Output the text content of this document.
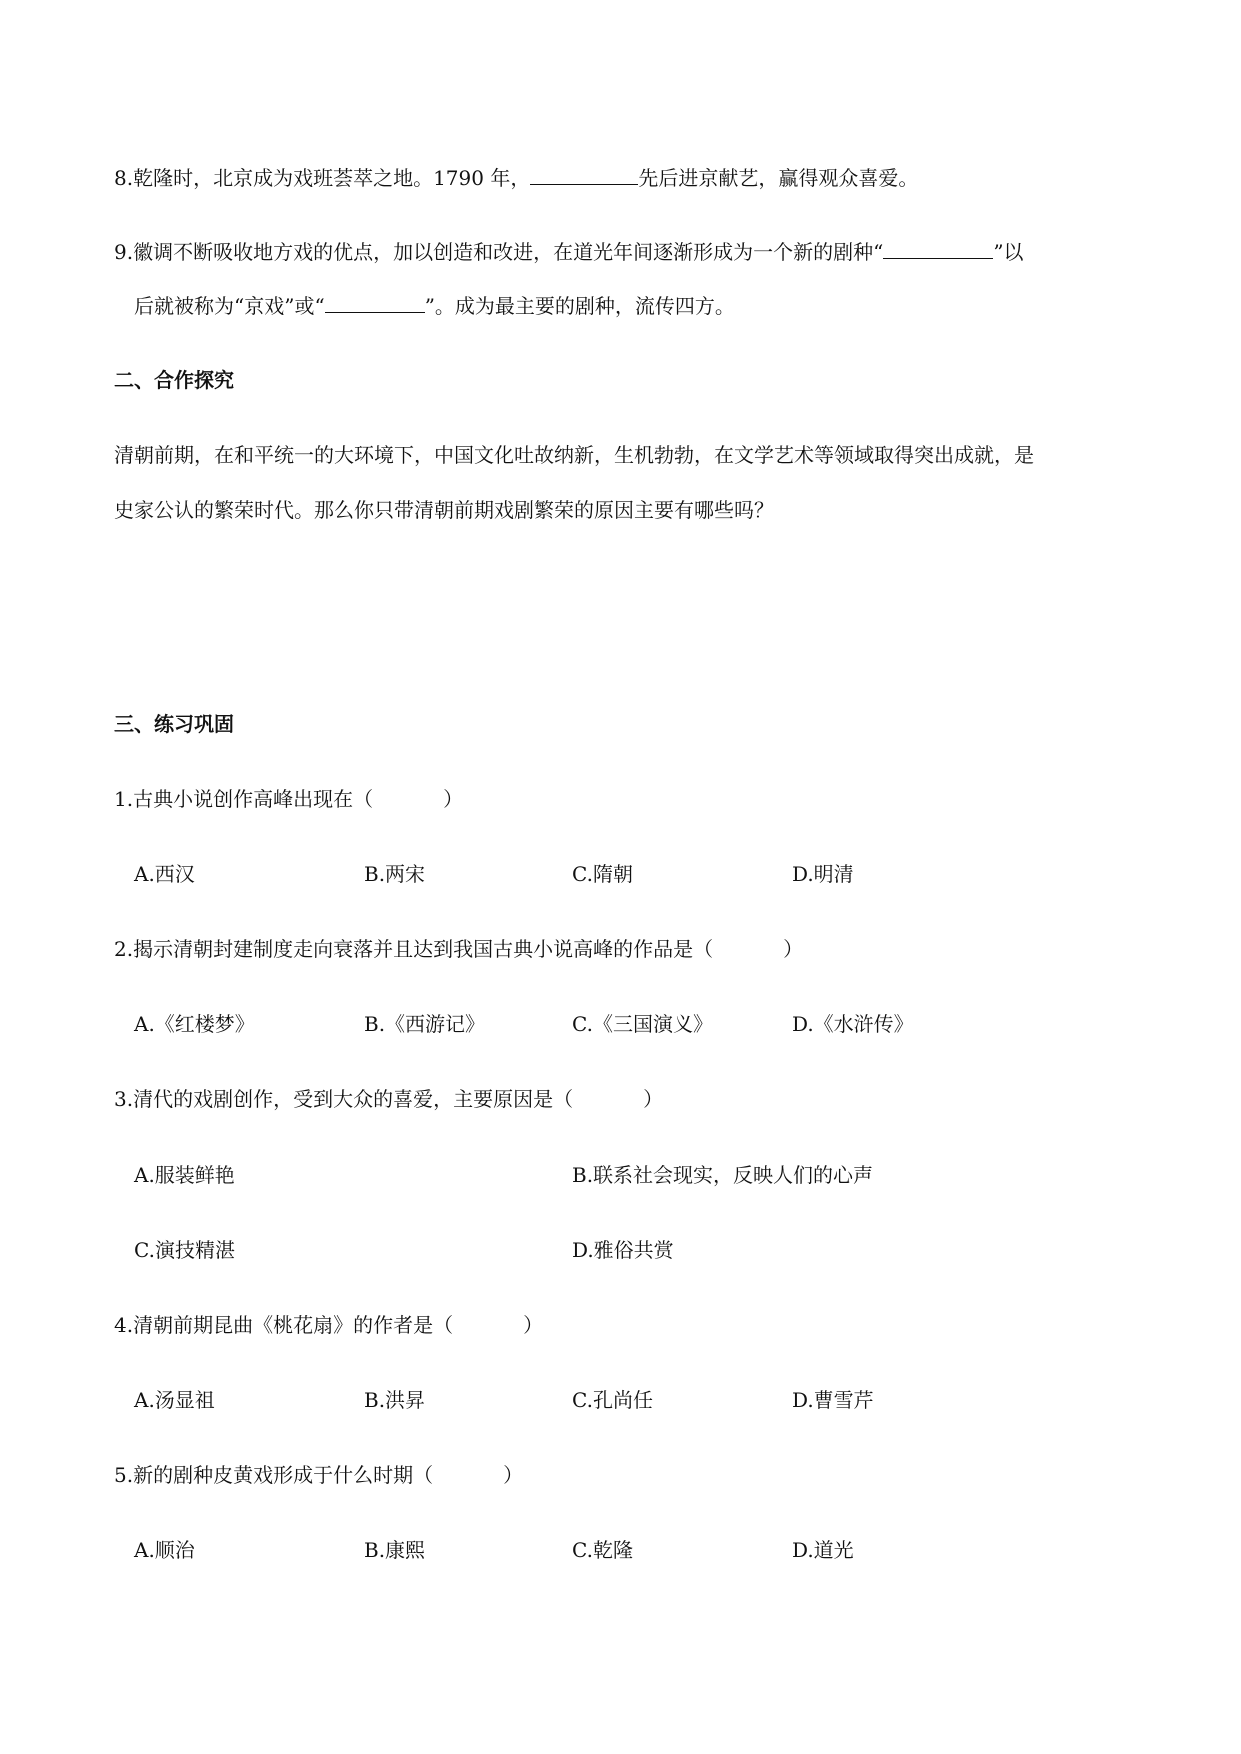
8.乾隆时，北京成为戏班荟萃之地。1790 年，	先后进京献艺，赢得观众喜爱。
9.徽调不断吸收地方戏的优点，加以创造和改进，在道光年间逐渐形成为一个新的剧种“	”以
后就被称为“京戏”或“	”。成为最主要的剧种，流传四方。
二、合作探究
清朝前期，在和平统一的大环境下，中国文化吐故纳新，生机勃勃，在文学艺术等领域取得突出成就，是
史家公认的繁荣时代。那么你只带清朝前期戏剧繁荣的原因主要有哪些吗？
三、练习巩固
1.古典小说创作高峰出现在（	）
A.西汉	B.两宋	C.隋朝	D.明清
2.揭示清朝封建制度走向衰落并且达到我国古典小说高峰的作品是（	）
A.《红楼梦》	B.《西游记》	C.《三国演义》	D.《水浒传》
3.清代的戏剧创作，受到大众的喜爱，主要原因是（	）
A.服装鲜艳	B.联系社会现实，反映人们的心声
C.演技精湛	D.雅俗共赏
4.清朝前期昆曲《桃花扇》的作者是（	）
A.汤显祖	B.洪昇	C.孔尚任	D.曹雪芹
5.新的剧种皮黄戏形成于什么时期（	）
A.顺治	B.康熙	C.乾隆	D.道光
